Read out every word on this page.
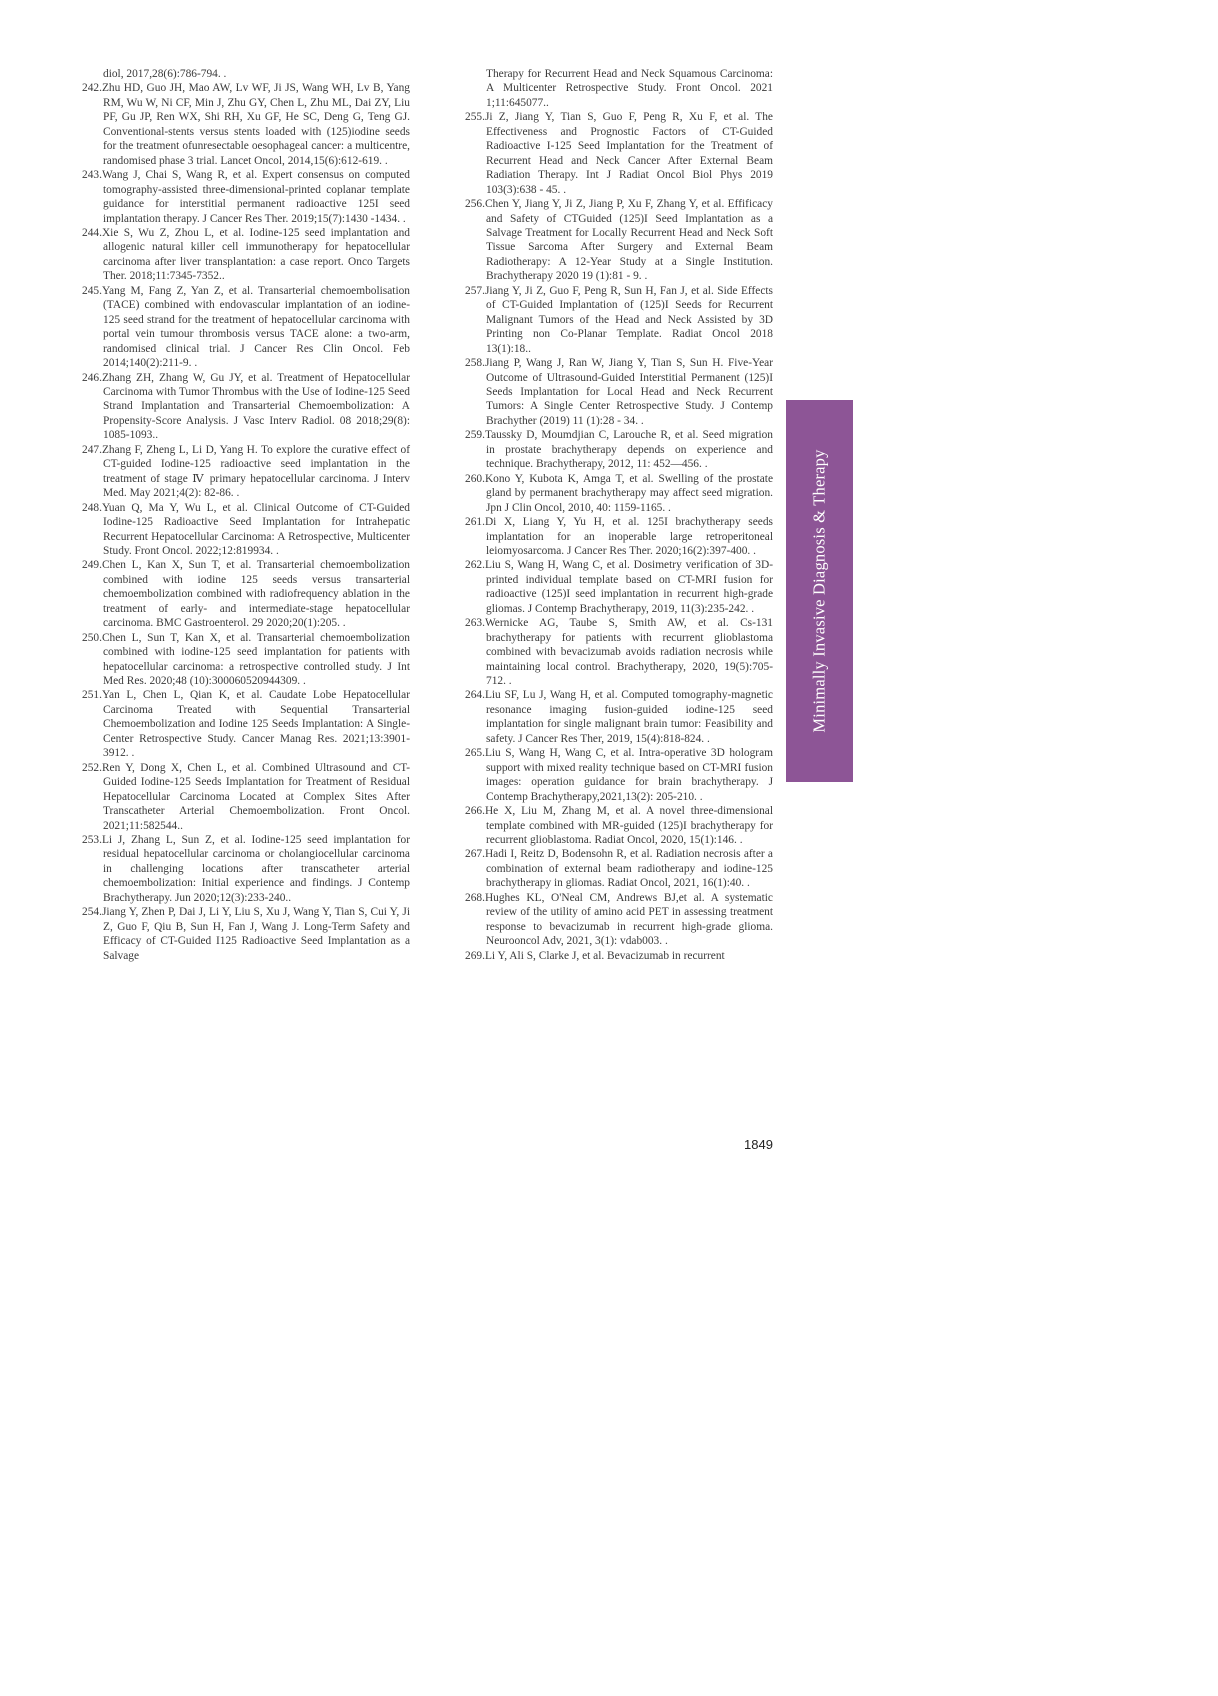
diol, 2017,28(6):786-794. .

242.Zhu HD, Guo JH, Mao AW, Lv WF, Ji JS, Wang WH, Lv B, Yang RM, Wu W, Ni CF, Min J, Zhu GY, Chen L, Zhu ML, Dai ZY, Liu PF, Gu JP, Ren WX, Shi RH, Xu GF, He SC, Deng G, Teng GJ. Conventional-stents versus stents loaded with (125)iodine seeds for the treatment ofunresectable oesophageal cancer: a multicentre, randomised phase 3 trial. Lancet Oncol, 2014,15(6):612-619. .

243.Wang J, Chai S, Wang R, et al. Expert consensus on computed tomography-assisted three-dimensional-printed coplanar template guidance for interstitial permanent radioactive 125I seed implantation therapy. J Cancer Res Ther. 2019;15(7):1430 -1434. .

244.Xie S, Wu Z, Zhou L, et al. Iodine-125 seed implantation and allogenic natural killer cell immunotherapy for hepatocellular carcinoma after liver transplantation: a case report. Onco Targets Ther. 2018;11:7345-7352..

245.Yang M, Fang Z, Yan Z, et al. Transarterial chemoembolisation (TACE) combined with endovascular implantation of an iodine-125 seed strand for the treatment of hepatocellular carcinoma with portal vein tumour thrombosis versus TACE alone: a two-arm, randomised clinical trial. J Cancer Res Clin Oncol. Feb 2014;140(2):211-9. .

246.Zhang ZH, Zhang W, Gu JY, et al. Treatment of Hepatocellular Carcinoma with Tumor Thrombus with the Use of Iodine-125 Seed Strand Implantation and Transarterial Chemoembolization: A Propensity-Score Analysis. J Vasc Interv Radiol. 08 2018;29(8): 1085-1093..

247.Zhang F, Zheng L, Li D, Yang H. To explore the curative effect of CT-guided Iodine-125 radioactive seed implantation in the treatment of stage Ⅳ primary hepatocellular carcinoma. J Interv Med. May 2021;4(2): 82-86. .

248.Yuan Q, Ma Y, Wu L, et al. Clinical Outcome of CT-Guided Iodine-125 Radioactive Seed Implantation for Intrahepatic Recurrent Hepatocellular Carcinoma: A Retrospective, Multicenter Study. Front Oncol. 2022;12:819934. .

249.Chen L, Kan X, Sun T, et al. Transarterial chemoembolization combined with iodine 125 seeds versus transarterial chemoembolization combined with radiofrequency ablation in the treatment of early- and intermediate-stage hepatocellular carcinoma. BMC Gastroenterol. 29 2020;20(1):205. .

250.Chen L, Sun T, Kan X, et al. Transarterial chemoembolization combined with iodine-125 seed implantation for patients with hepatocellular carcinoma: a retrospective controlled study. J Int Med Res. 2020;48 (10):300060520944309. .

251.Yan L, Chen L, Qian K, et al. Caudate Lobe Hepatocellular Carcinoma Treated with Sequential Transarterial Chemoembolization and Iodine 125 Seeds Implantation: A Single-Center Retrospective Study. Cancer Manag Res. 2021;13:3901-3912. .

252.Ren Y, Dong X, Chen L, et al. Combined Ultrasound and CT-Guided Iodine-125 Seeds Implantation for Treatment of Residual Hepatocellular Carcinoma Located at Complex Sites After Transcatheter Arterial Chemoembolization. Front Oncol. 2021;11:582544..

253.Li J, Zhang L, Sun Z, et al. Iodine-125 seed implantation for residual hepatocellular carcinoma or cholangiocellular carcinoma in challenging locations after transcatheter arterial chemoembolization: Initial experience and findings. J Contemp Brachytherapy. Jun 2020;12(3):233-240..

254.Jiang Y, Zhen P, Dai J, Li Y, Liu S, Xu J, Wang Y, Tian S, Cui Y, Ji Z, Guo F, Qiu B, Sun H, Fan J, Wang J. Long-Term Safety and Efficacy of CT-Guided I125 Radioactive Seed Implantation as a Salvage

Therapy for Recurrent Head and Neck Squamous Carcinoma: A Multicenter Retrospective Study. Front Oncol. 2021 1;11:645077..

255.Ji Z, Jiang Y, Tian S, Guo F, Peng R, Xu F, et al. The Effectiveness and Prognostic Factors of CT-Guided Radioactive I-125 Seed Implantation for the Treatment of Recurrent Head and Neck Cancer After External Beam Radiation Therapy. Int J Radiat Oncol Biol Phys 2019 103(3):638 - 45. .

256.Chen Y, Jiang Y, Ji Z, Jiang P, Xu F, Zhang Y, et al. Effificacy and Safety of CTGuided (125)I Seed Implantation as a Salvage Treatment for Locally Recurrent Head and Neck Soft Tissue Sarcoma After Surgery and External Beam Radiotherapy: A 12-Year Study at a Single Institution. Brachytherapy 2020 19 (1):81 - 9. .

257.Jiang Y, Ji Z, Guo F, Peng R, Sun H, Fan J, et al. Side Effects of CT-Guided Implantation of (125)I Seeds for Recurrent Malignant Tumors of the Head and Neck Assisted by 3D Printing non Co-Planar Template. Radiat Oncol 2018 13(1):18..

258.Jiang P, Wang J, Ran W, Jiang Y, Tian S, Sun H. Five-Year Outcome of Ultrasound-Guided Interstitial Permanent (125)I Seeds Implantation for Local Head and Neck Recurrent Tumors: A Single Center Retrospective Study. J Contemp Brachyther (2019) 11 (1):28 - 34. .

259.Taussky D, Moumdjian C, Larouche R, et al. Seed migration in prostate brachytherapy depends on experience and technique. Brachytherapy, 2012, 11: 452—456. .

260.Kono Y, Kubota K, Amga T, et al. Swelling of the prostate gland by permanent brachytherapy may affect seed migration. Jpn J Clin Oncol, 2010, 40: 1159-1165. .

261.Di X, Liang Y, Yu H, et al. 125I brachytherapy seeds implantation for an inoperable large retroperitoneal leiomyosarcoma. J Cancer Res Ther. 2020;16(2):397-400. .

262.Liu S, Wang H, Wang C, et al. Dosimetry verification of 3D-printed individual template based on CT-MRI fusion for radioactive (125)I seed implantation in recurrent high-grade gliomas. J Contemp Brachytherapy, 2019, 11(3):235-242. .

263.Wernicke AG, Taube S, Smith AW, et al. Cs-131 brachytherapy for patients with recurrent glioblastoma combined with bevacizumab avoids radiation necrosis while maintaining local control. Brachytherapy, 2020, 19(5):705-712. .

264.Liu SF, Lu J, Wang H, et al. Computed tomography-magnetic resonance imaging fusion-guided iodine-125 seed implantation for single malignant brain tumor: Feasibility and safety. J Cancer Res Ther, 2019, 15(4):818-824. .

265.Liu S, Wang H, Wang C, et al. Intra-operative 3D hologram support with mixed reality technique based on CT-MRI fusion images: operation guidance for brain brachytherapy. J Contemp Brachytherapy,2021,13(2): 205-210. .

266.He X, Liu M, Zhang M, et al. A novel three-dimensional template combined with MR-guided (125)I brachytherapy for recurrent glioblastoma. Radiat Oncol, 2020, 15(1):146. .

267.Hadi I, Reitz D, Bodensohn R, et al. Radiation necrosis after a combination of external beam radiotherapy and iodine-125 brachytherapy in gliomas. Radiat Oncol, 2021, 16(1):40. .

268.Hughes KL, O'Neal CM, Andrews BJ,et al. A systematic review of the utility of amino acid PET in assessing treatment response to bevacizumab in recurrent high-grade glioma. Neurooncol Adv, 2021, 3(1): vdab003. .

269.Li Y, Ali S, Clarke J, et al. Bevacizumab in recurrent

Minimally Invasive Diagnosis & Therapy
1849
